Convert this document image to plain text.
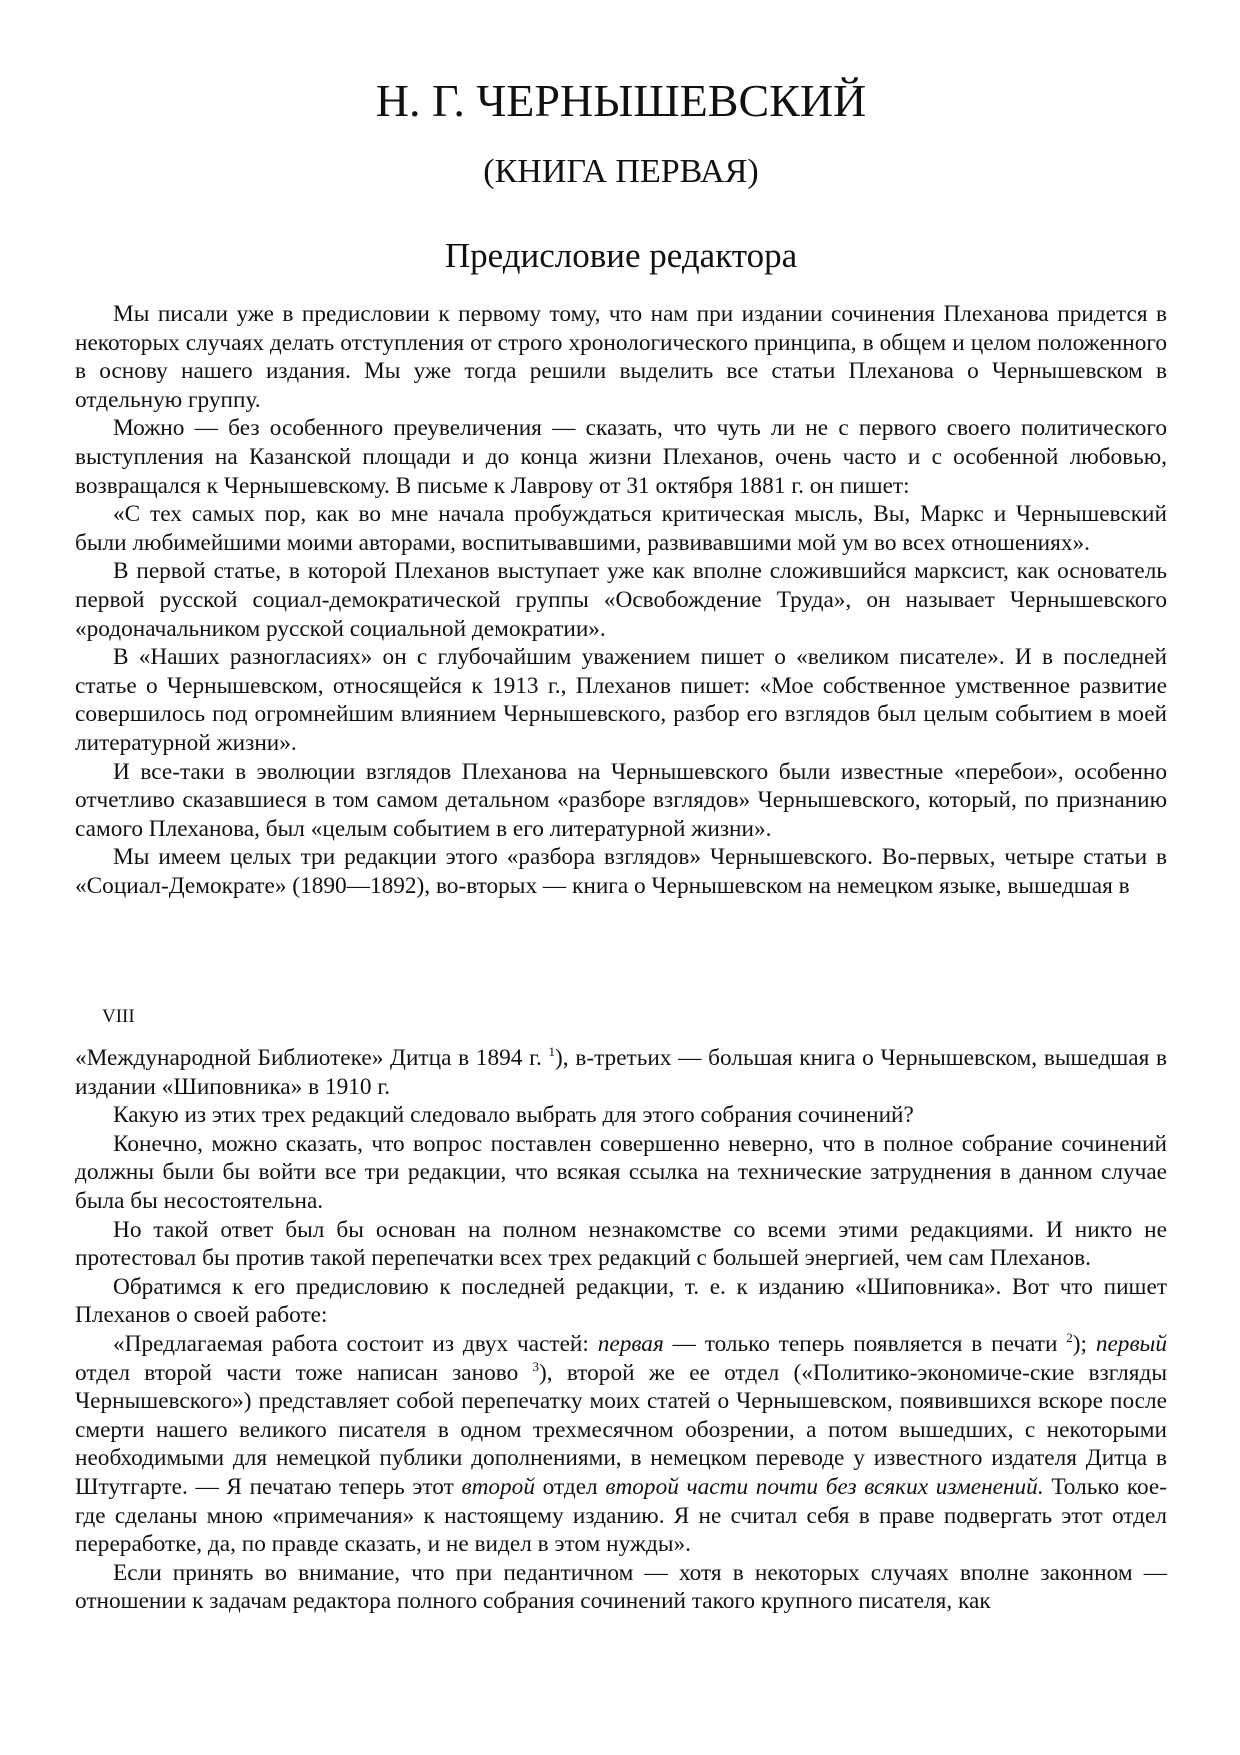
Н. Г. ЧЕРНЫШЕВСКИЙ
(КНИГА ПЕРВАЯ)
Предисловие редактора

Мы писали уже в предисловии к первому тому, что нам при издании сочинения Плеханова придется в некоторых случаях делать отступления от строго хронологического принципа, в общем и целом положенного в основу нашего издания. Мы уже тогда решили выделить все статьи Плеханова о Чернышевском в отдельную группу.

Можно — без особенного преувеличения — сказать, что чуть ли не с первого своего политического выступления на Казанской площади и до конца жизни Плеханов, очень часто и с особенной любовью, возвращался к Чернышевскому. В письме к Лаврову от 31 октября 1881 г. он пишет:

«С тех самых пор, как во мне начала пробуждаться критическая мысль, Вы, Маркс и Чернышевский были любимейшими моими авторами, воспитывавшими, развивавшими мой ум во всех отношениях».

В первой статье, в которой Плеханов выступает уже как вполне сложившийся марксист, как основатель первой русской социал-демократической группы «Освобождение Труда», он называет Чернышевского «родоначальником русской социальной демократии».

В «Наших разногласиях» он с глубочайшим уважением пишет о «великом писателе». И в последней статье о Чернышевском, относящейся к 1913 г., Плеханов пишет: «Мое собственное умственное развитие совершилось под огромнейшим влиянием Чернышевского, разбор его взглядов был целым событием в моей литературной жизни».

И все-таки в эволюции взглядов Плеханова на Чернышевского были известные «перебои», особенно отчетливо сказавшиеся в том самом детальном «разборе взглядов» Чернышевского, который, по признанию самого Плеханова, был «целым событием в его литературной жизни».

Мы имеем целых три редакции этого «разбора взглядов» Чернышевского. Во-первых, четыре статьи в «Социал-Демократе» (1890—1892), во-вторых — книга о Чернышевском на немецком языке, вышедшая в

VIII

«Международной Библиотеке» Дитца в 1894 г. $^1$), в-третьих — большая книга о Чернышевском, вышедшая в издании «Шиповника» в 1910 г.

Какую из этих трех редакций следовало выбрать для этого собрания сочинений?

Конечно, можно сказать, что вопрос поставлен совершенно неверно, что в полное собрание сочинений должны были бы войти все три редакции, что всякая ссылка на технические затруднения в данном случае была бы несостоятельна.

Но такой ответ был бы основан на полном незнакомстве со всеми этими редакциями. И никто не протестовал бы против такой перепечатки всех трех редакций с большей энергией, чем сам Плеханов.

Обратимся к его предисловию к последней редакции, т. е. к изданию «Шиповника». Вот что пишет Плеханов о своей работе:

«Предлагаемая работа состоит из двух частей: первая — только теперь появляется в печати $^2$); первый отдел второй части тоже написан заново $^3$), второй же ее отдел («Политико-экономиче-ские взгляды Чернышевского») представляет собой перепечатку моих статей о Чернышевском, появившихся вскоре после смерти нашего великого писателя в одном трехмесячном обозрении, а потом вышедших, с некоторыми необходимыми для немецкой публики дополнениями, в немецком переводе у известного издателя Дитца в Штутгарте. — Я печатаю теперь этот второй отдел второй части почти без всяких изменений. Только кое-где сделаны мною «примечания» к настоящему изданию. Я не считал себя в праве подвергать этот отдел переработке, да, по правде сказать, и не видел в этом нужды».

Если принять во внимание, что при педантичном — хотя в некоторых случаях вполне законном — отношении к задачам редактора полного собрания сочинений такого крупного писателя, как
